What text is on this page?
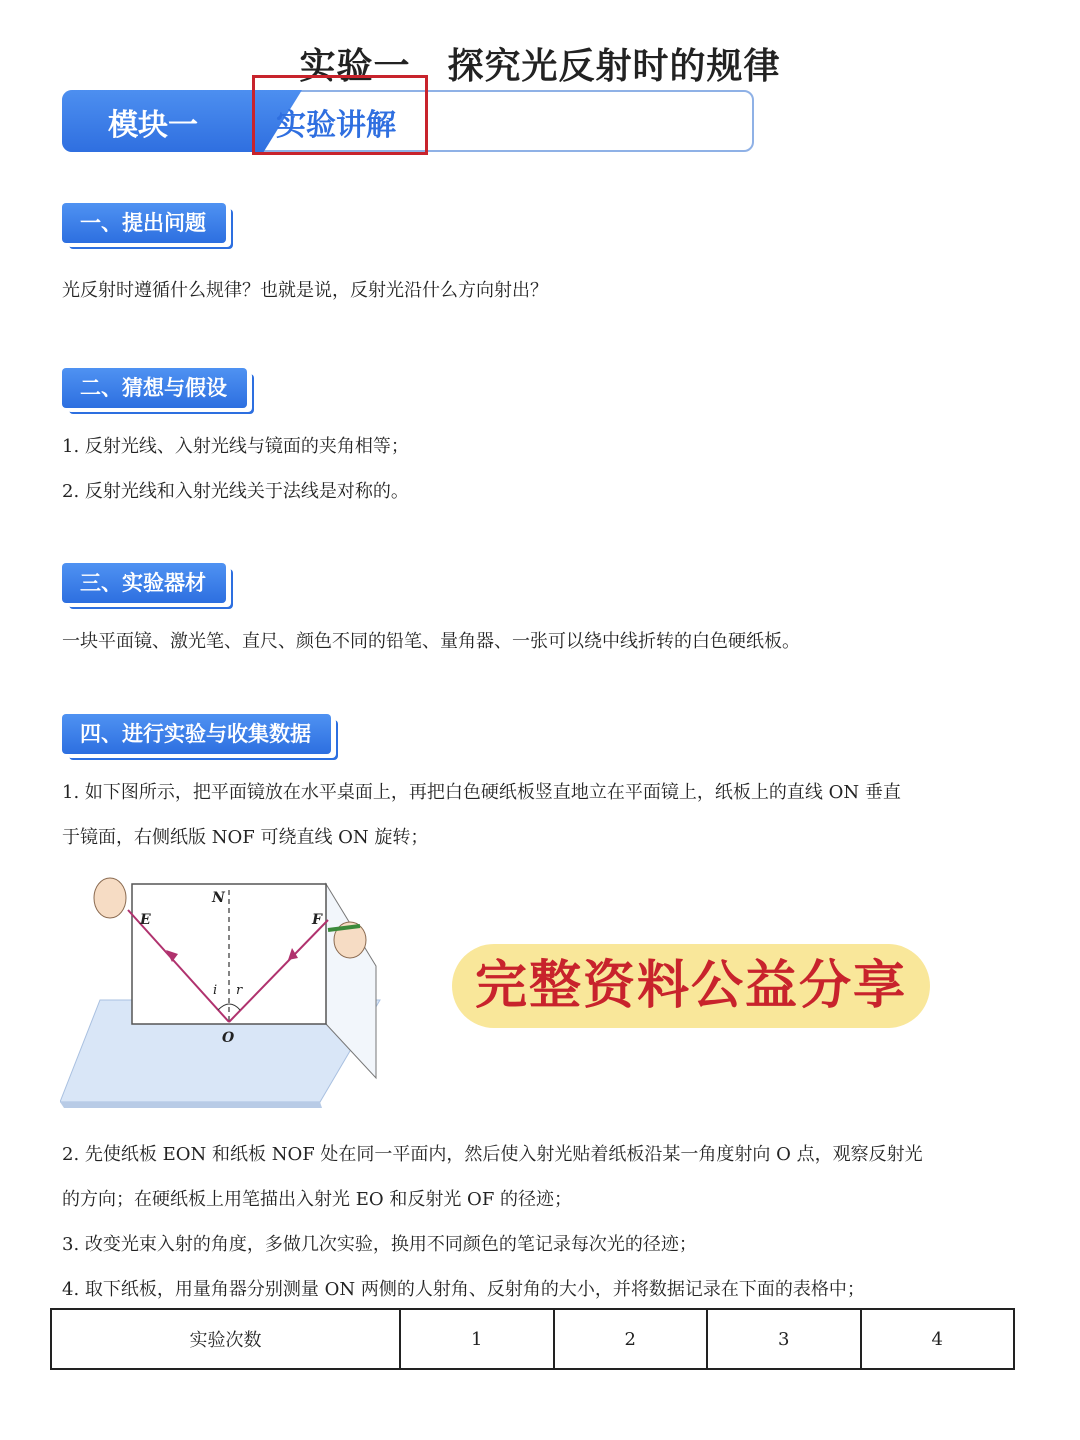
实验一　探究光反射时的规律
模块一	实验讲解
一、提出问题
光反射时遵循什么规律？也就是说，反射光沿什么方向射出？
二、猜想与假设
1. 反射光线、入射光线与镜面的夹角相等；
2. 反射光线和入射光线关于法线是对称的。
三、实验器材
一块平面镜、激光笔、直尺、颜色不同的铅笔、量角器、一张可以绕中线折转的白色硬纸板。
四、进行实验与收集数据
1. 如下图所示，把平面镜放在水平桌面上，再把白色硬纸板竖直地立在平面镜上，纸板上的直线 ON 垂直
于镜面，右侧纸版 NOF 可绕直线 ON 旋转；
N
E	F
O
i r	完整资料公益分享
2. 先使纸板 EON 和纸板 NOF 处在同一平面内，然后使入射光贴着纸板沿某一角度射向 O 点，观察反射光
的方向；在硬纸板上用笔描出入射光 EO 和反射光 OF 的径迹；
3. 改变光束入射的角度，多做几次实验，换用不同颜色的笔记录每次光的径迹；
4. 取下纸板，用量角器分别测量 ON 两侧的人射角、反射角的大小，并将数据记录在下面的表格中；
实验次数	1	2	3	4
